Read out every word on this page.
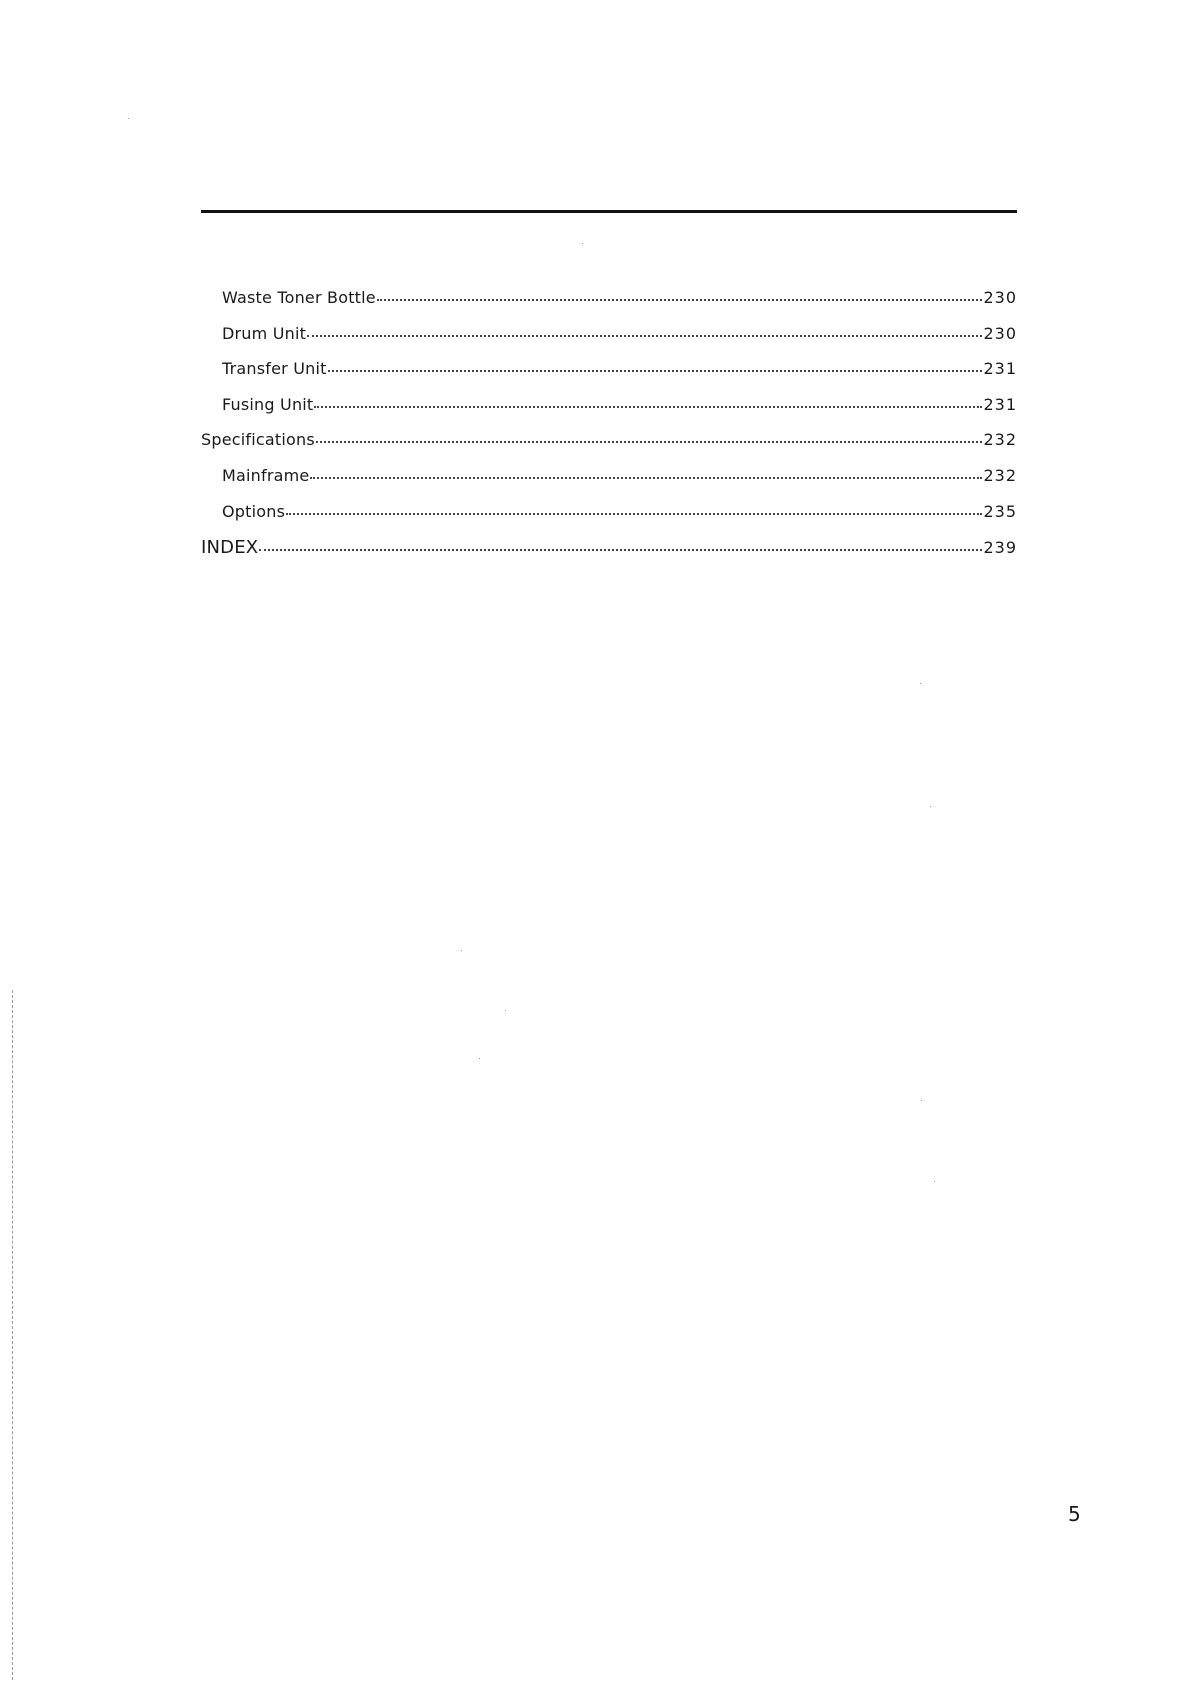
Waste Toner Bottle	230
Drum Unit	230
Transfer Unit	231
Fusing Unit	231
Specifications	232
Mainframe	232
Options	235
INDEX	239
5
